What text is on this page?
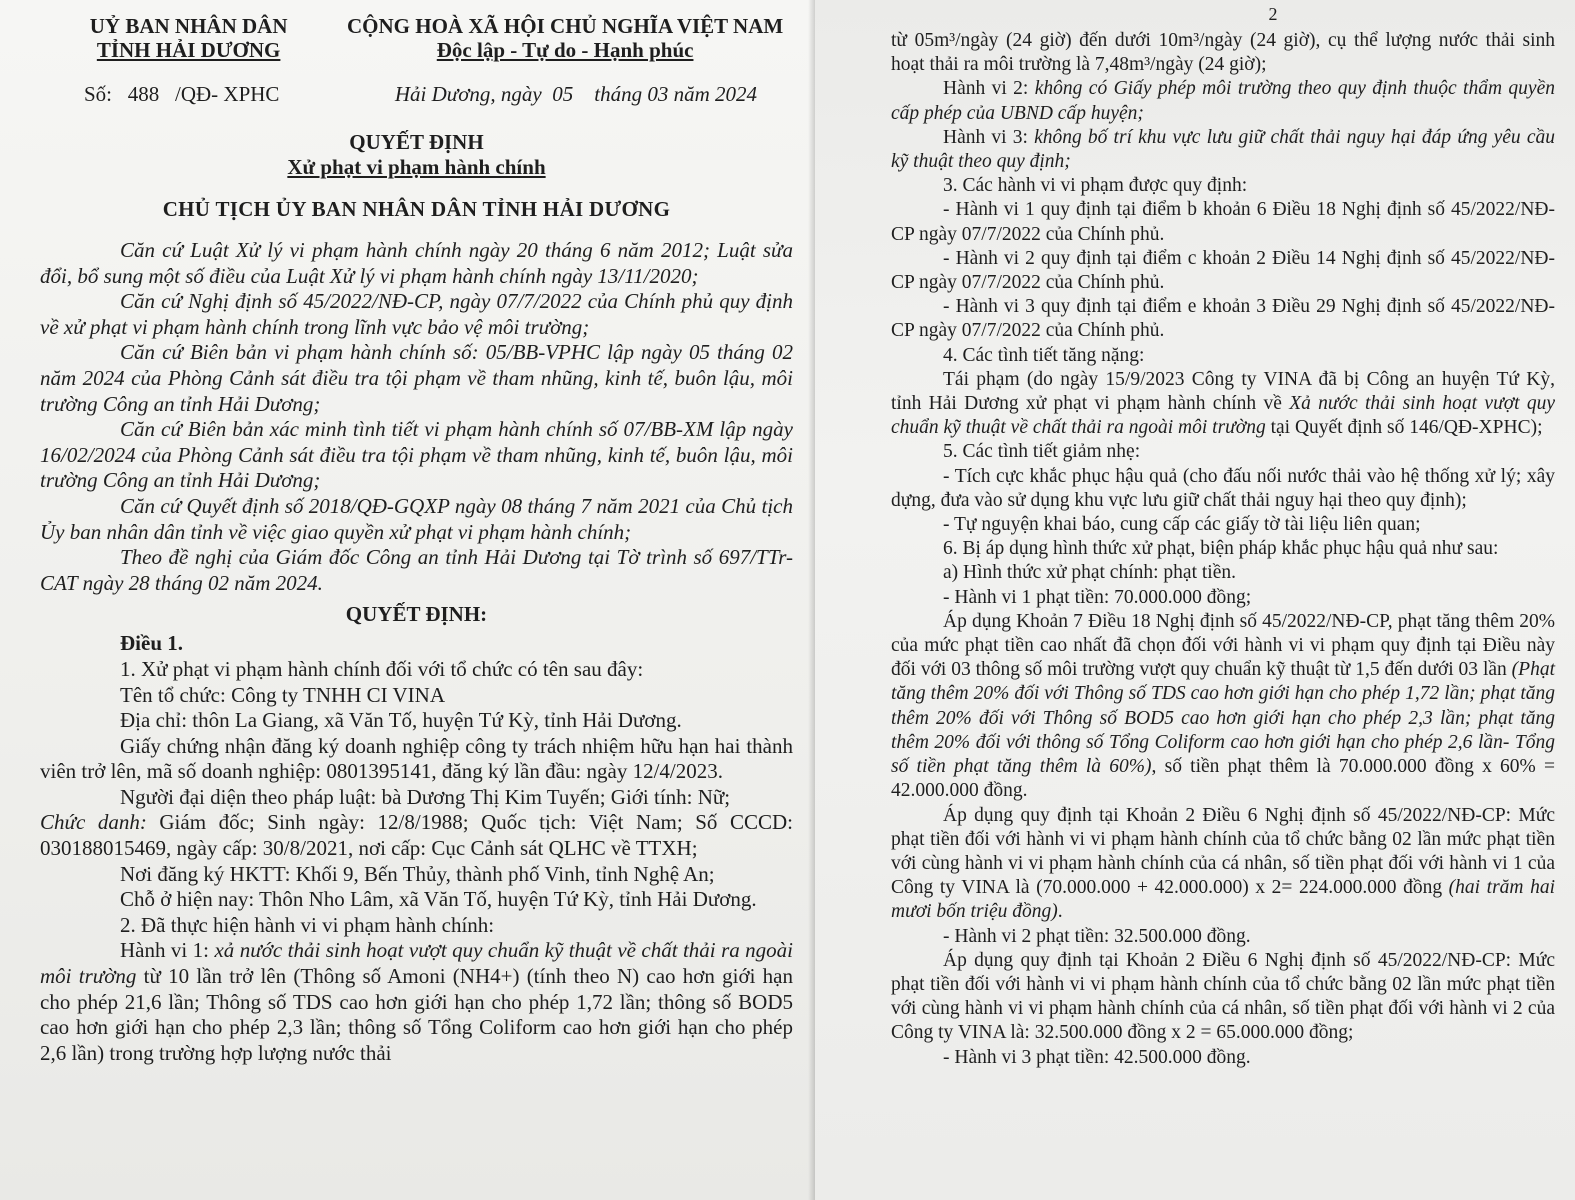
UỶ BAN NHÂN DÂN
TỈNH HẢI DƯƠNG
CỘNG HOÀ XÃ HỘI CHỦ NGHĨA VIỆT NAM
Độc lập - Tự do - Hạnh phúc
Số:   488   /QĐ- XPHC	Hải Dương, ngày  05    tháng 03 năm 2024
QUYẾT ĐỊNH
Xử phạt vi phạm hành chính
CHỦ TỊCH ỦY BAN NHÂN DÂN TỈNH HẢI DƯƠNG

Căn cứ Luật Xử lý vi phạm hành chính ngày 20 tháng 6 năm 2012; Luật sửa đổi, bổ sung một số điều của Luật Xử lý vi phạm hành chính ngày 13/11/2020;

Căn cứ Nghị định số 45/2022/NĐ-CP, ngày 07/7/2022 của Chính phủ quy định về xử phạt vi phạm hành chính trong lĩnh vực bảo vệ môi trường;

Căn cứ Biên bản vi phạm hành chính số: 05/BB-VPHC lập ngày 05 tháng 02 năm 2024 của Phòng Cảnh sát điều tra tội phạm về tham nhũng, kinh tế, buôn lậu, môi trường Công an tỉnh Hải Dương;

Căn cứ Biên bản xác minh tình tiết vi phạm hành chính số 07/BB-XM lập ngày 16/02/2024 của Phòng Cảnh sát điều tra tội phạm về tham nhũng, kinh tế, buôn lậu, môi trường Công an tỉnh Hải Dương;

Căn cứ Quyết định số 2018/QĐ-GQXP ngày 08 tháng 7 năm 2021 của Chủ tịch Ủy ban nhân dân tỉnh về việc giao quyền xử phạt vi phạm hành chính;

Theo đề nghị của Giám đốc Công an tỉnh Hải Dương tại Tờ trình số 697/TTr-CAT ngày 28 tháng 02 năm 2024.

QUYẾT ĐỊNH:

Điều 1.

1. Xử phạt vi phạm hành chính đối với tổ chức có tên sau đây:

Tên tổ chức: Công ty TNHH CI VINA

Địa chỉ: thôn La Giang, xã Văn Tố, huyện Tứ Kỳ, tỉnh Hải Dương.

Giấy chứng nhận đăng ký doanh nghiệp công ty trách nhiệm hữu hạn hai thành viên trở lên, mã số doanh nghiệp: 0801395141, đăng ký lần đầu: ngày 12/4/2023.

Người đại diện theo pháp luật: bà Dương Thị Kim Tuyến; Giới tính: Nữ;

Chức danh: Giám đốc; Sinh ngày: 12/8/1988; Quốc tịch: Việt Nam; Số CCCD: 030188015469, ngày cấp: 30/8/2021, nơi cấp: Cục Cảnh sát QLHC về TTXH;

Nơi đăng ký HKTT: Khối 9, Bến Thủy, thành phố Vinh, tỉnh Nghệ An;

Chỗ ở hiện nay: Thôn Nho Lâm, xã Văn Tố, huyện Tứ Kỳ, tỉnh Hải Dương.

2. Đã thực hiện hành vi vi phạm hành chính:

Hành vi 1: xả nước thải sinh hoạt vượt quy chuẩn kỹ thuật về chất thải ra ngoài môi trường từ 10 lần trở lên (Thông số Amoni (NH4+) (tính theo N) cao hơn giới hạn cho phép 21,6 lần; Thông số TDS cao hơn giới hạn cho phép 1,72 lần; thông số BOD5 cao hơn giới hạn cho phép 2,3 lần; thông số Tổng Coliform cao hơn giới hạn cho phép 2,6 lần) trong trường hợp lượng nước thải

2

từ 05m³/ngày (24 giờ) đến dưới 10m³/ngày (24 giờ), cụ thể lượng nước thải sinh hoạt thải ra môi trường là 7,48m³/ngày (24 giờ);

Hành vi 2: không có Giấy phép môi trường theo quy định thuộc thẩm quyền cấp phép của UBND cấp huyện;

Hành vi 3: không bố trí khu vực lưu giữ chất thải nguy hại đáp ứng yêu cầu kỹ thuật theo quy định;

3. Các hành vi vi phạm được quy định:

- Hành vi 1 quy định tại điểm b khoản 6 Điều 18 Nghị định số 45/2022/NĐ-CP ngày 07/7/2022 của Chính phủ.

- Hành vi 2 quy định tại điểm c khoản 2 Điều 14 Nghị định số 45/2022/NĐ-CP ngày 07/7/2022 của Chính phủ.

- Hành vi 3 quy định tại điểm e khoản 3 Điều 29 Nghị định số 45/2022/NĐ-CP ngày 07/7/2022 của Chính phủ.

4. Các tình tiết tăng nặng:

Tái phạm (do ngày 15/9/2023 Công ty VINA đã bị Công an huyện Tứ Kỳ, tỉnh Hải Dương xử phạt vi phạm hành chính về Xả nước thải sinh hoạt vượt quy chuẩn kỹ thuật về chất thải ra ngoài môi trường tại Quyết định số 146/QĐ-XPHC);

5. Các tình tiết giảm nhẹ:

- Tích cực khắc phục hậu quả (cho đấu nối nước thải vào hệ thống xử lý; xây dựng, đưa vào sử dụng khu vực lưu giữ chất thải nguy hại theo quy định);

- Tự nguyện khai báo, cung cấp các giấy tờ tài liệu liên quan;

6. Bị áp dụng hình thức xử phạt, biện pháp khắc phục hậu quả như sau:

a) Hình thức xử phạt chính: phạt tiền.

- Hành vi 1 phạt tiền: 70.000.000 đồng;

Áp dụng Khoản 7 Điều 18 Nghị định số 45/2022/NĐ-CP, phạt tăng thêm 20% của mức phạt tiền cao nhất đã chọn đối với hành vi vi phạm quy định tại Điều này đối với 03 thông số môi trường vượt quy chuẩn kỹ thuật từ 1,5 đến dưới 03 lần (Phạt tăng thêm 20% đối với Thông số TDS cao hơn giới hạn cho phép 1,72 lần; phạt tăng thêm 20% đối với Thông số BOD5 cao hơn giới hạn cho phép 2,3 lần; phạt tăng thêm 20% đối với thông số Tổng Coliform cao hơn giới hạn cho phép 2,6 lần- Tổng số tiền phạt tăng thêm là 60%), số tiền phạt thêm là 70.000.000 đồng x 60% = 42.000.000 đồng.

Áp dụng quy định tại Khoản 2 Điều 6 Nghị định số 45/2022/NĐ-CP: Mức phạt tiền đối với hành vi vi phạm hành chính của tổ chức bằng 02 lần mức phạt tiền với cùng hành vi vi phạm hành chính của cá nhân, số tiền phạt đối với hành vi 1 của Công ty VINA là (70.000.000 + 42.000.000) x 2= 224.000.000 đồng (hai trăm hai mươi bốn triệu đồng).

- Hành vi 2 phạt tiền: 32.500.000 đồng.

Áp dụng quy định tại Khoản 2 Điều 6 Nghị định số 45/2022/NĐ-CP: Mức phạt tiền đối với hành vi vi phạm hành chính của tổ chức bằng 02 lần mức phạt tiền với cùng hành vi vi phạm hành chính của cá nhân, số tiền phạt đối với hành vi 2 của Công ty VINA là: 32.500.000 đồng x 2 = 65.000.000 đồng;

- Hành vi 3 phạt tiền: 42.500.000 đồng.
